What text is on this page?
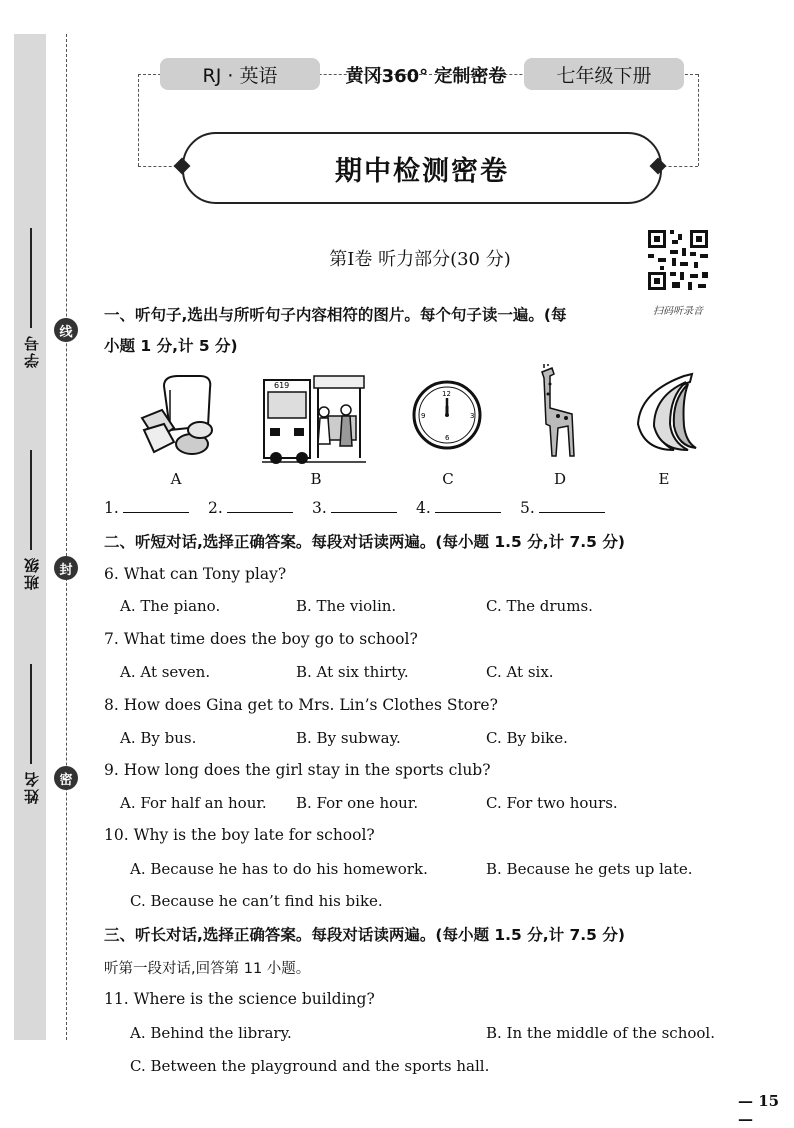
线
封
密
学号
班级
姓名
RJ · 英语	黄冈360° 定制密卷	七年级下册
期中检测密卷
第Ⅰ卷 听力部分(30 分)
扫码听录音
一、听句子,选出与所听句子内容相符的图片。每个句子读一遍。(每
小题 1 分,计 5 分)
619
12
3
6
9
A	B	C	D	E
1.	2.	3.	4.	5.
二、听短对话,选择正确答案。每段对话读两遍。(每小题 1.5 分,计 7.5 分)
6. What can Tony play?
A. The piano.	B. The violin.	C. The drums.
7. What time does the boy go to school?
A. At seven.	B. At six thirty.	C. At six.
8. How does Gina get to Mrs. Lin’s Clothes Store?
A. By bus.	B. By subway.	C. By bike.
9. How long does the girl stay in the sports club?
A. For half an hour. B. For one hour.	C. For two hours.
10. Why is the boy late for school?
A. Because he has to do his homework.	B. Because he gets up late.
C. Because he can’t find his bike.
三、听长对话,选择正确答案。每段对话读两遍。(每小题 1.5 分,计 7.5 分)
听第一段对话,回答第 11 小题。
11. Where is the science building?
A. Behind the library.	B. In the middle of the school.
C. Between the playground and the sports hall.
— 15 —
